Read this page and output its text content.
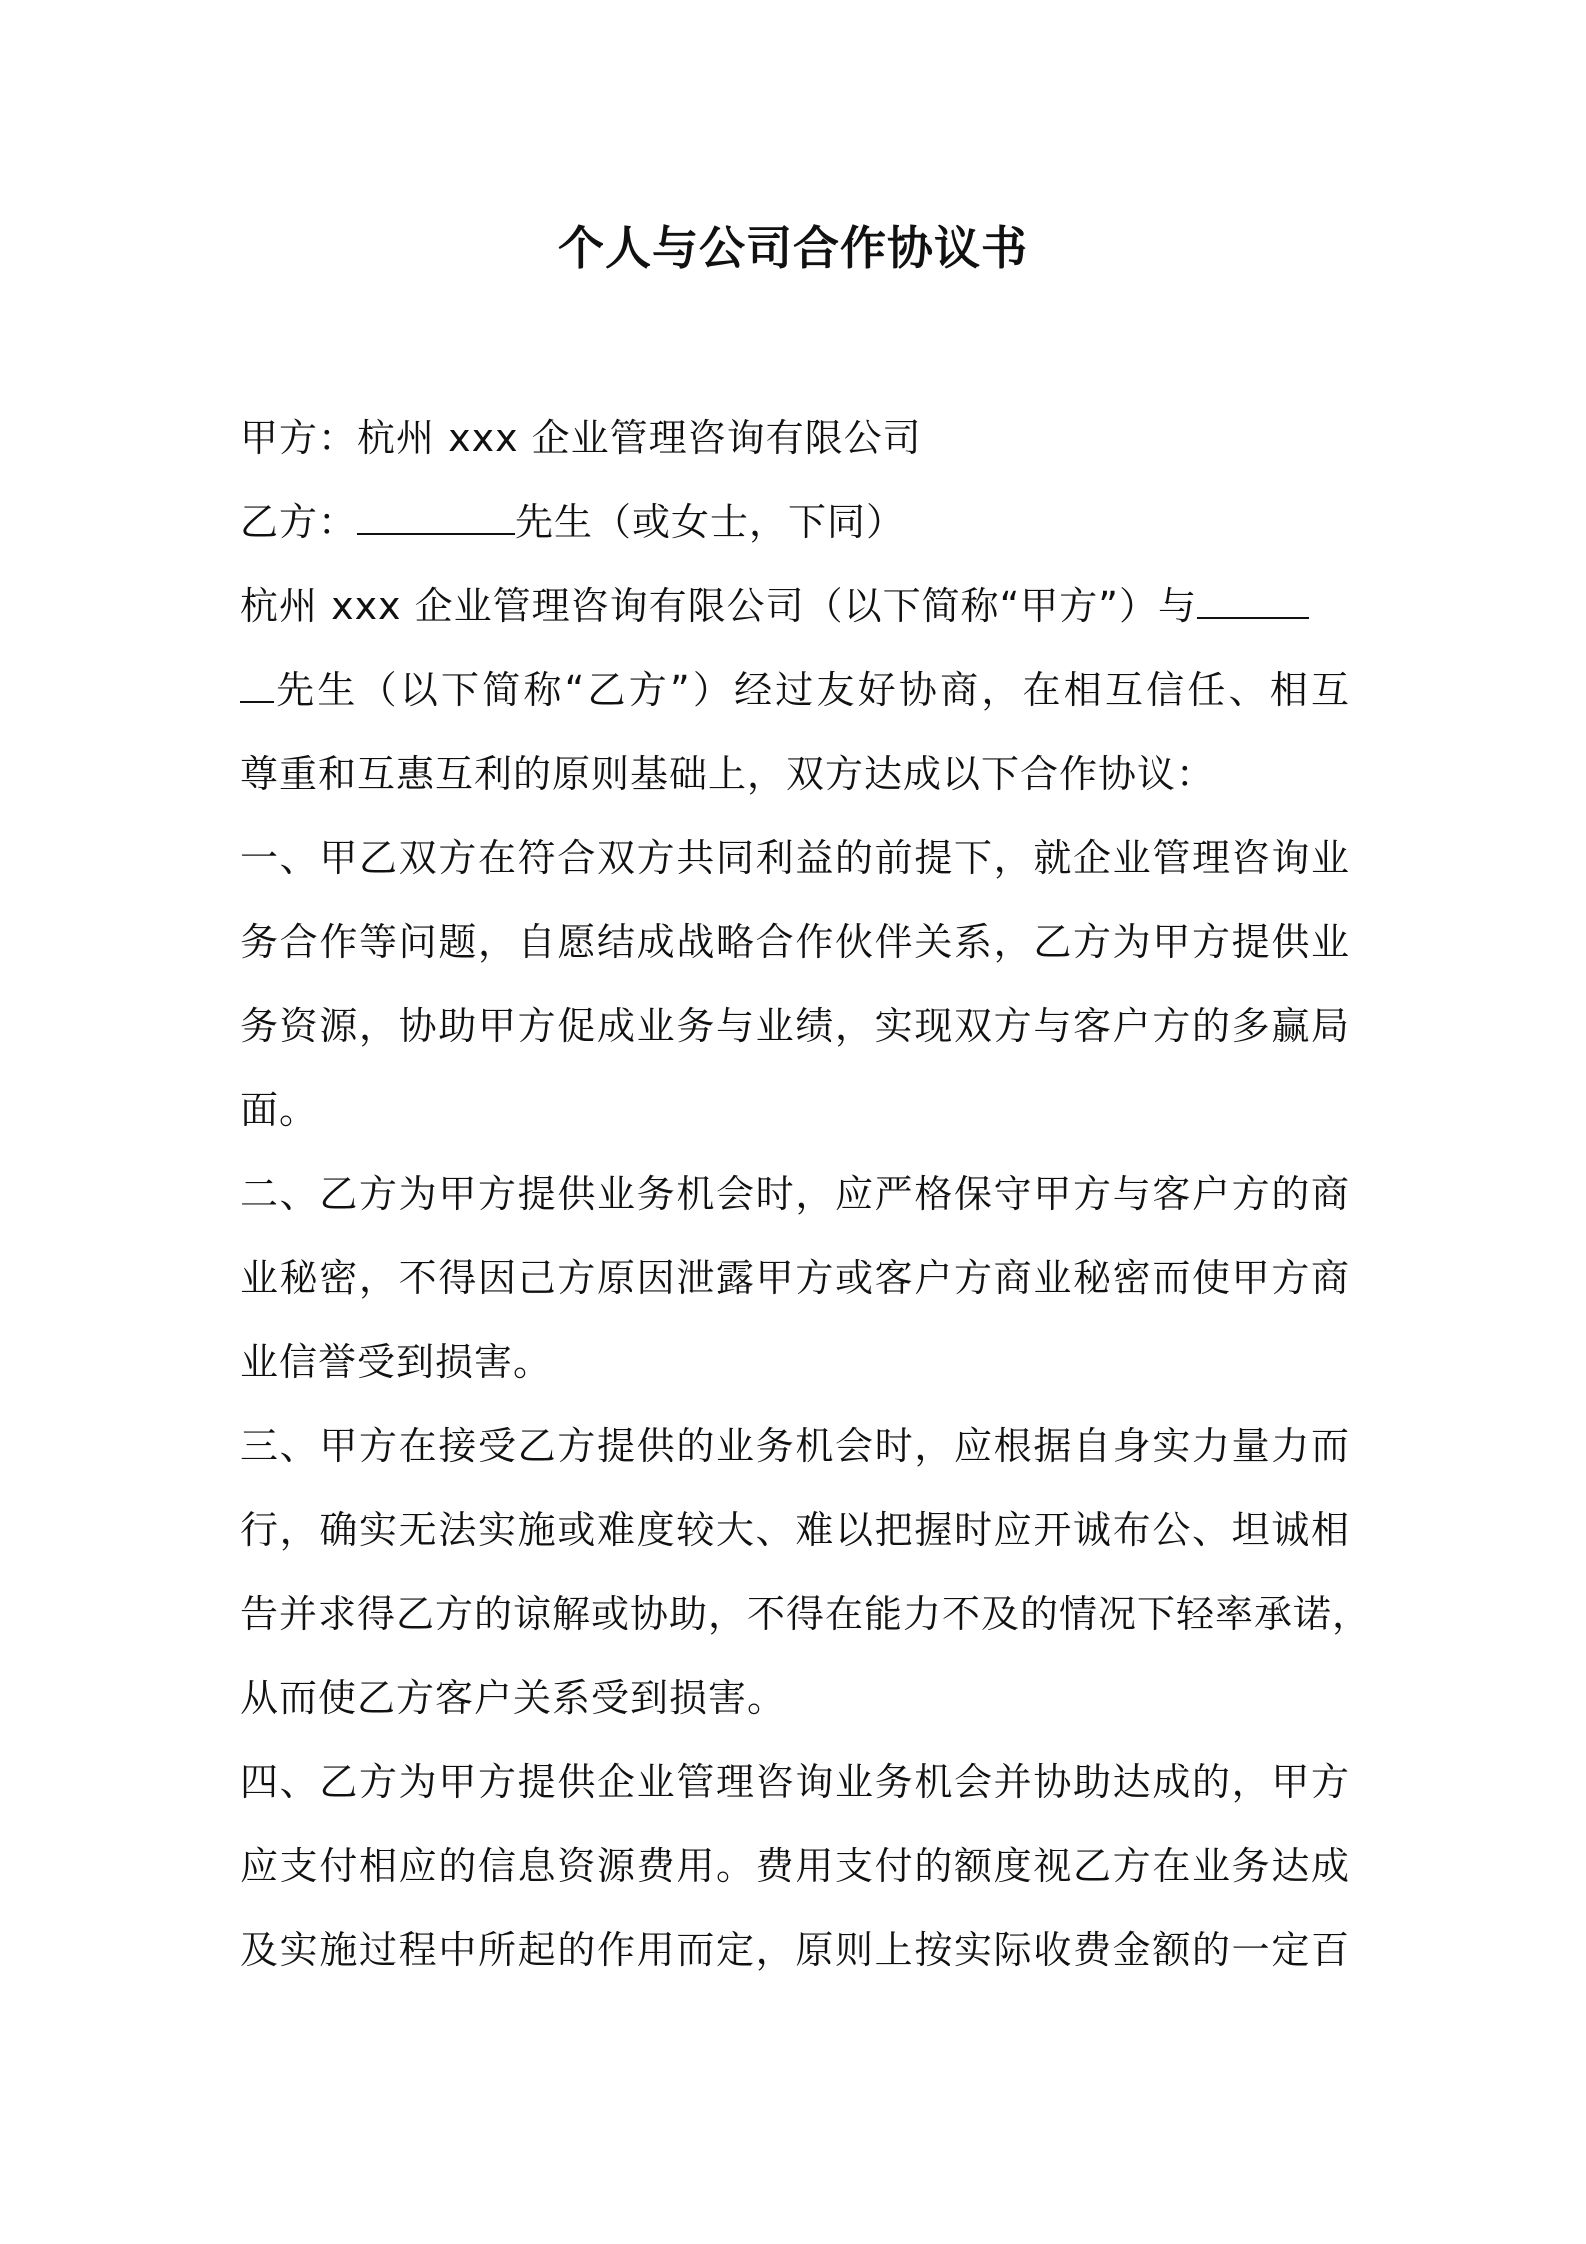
个人与公司合作协议书
甲方：杭州 xxx 企业管理咨询有限公司
乙方：	先生（或女士，下同）
杭州 xxx 企业管理咨询有限公司（以下简称“甲方”）与
先生（以下简称“乙方”）经过友好协商，在相互信任、相互
尊重和互惠互利的原则基础上，双方达成以下合作协议：
一、甲乙双方在符合双方共同利益的前提下，就企业管理咨询业
务合作等问题，自愿结成战略合作伙伴关系，乙方为甲方提供业
务资源，协助甲方促成业务与业绩，实现双方与客户方的多赢局
面。
二、乙方为甲方提供业务机会时，应严格保守甲方与客户方的商
业秘密，不得因己方原因泄露甲方或客户方商业秘密而使甲方商
业信誉受到损害。
三、甲方在接受乙方提供的业务机会时，应根据自身实力量力而
行，确实无法实施或难度较大、难以把握时应开诚布公、坦诚相
告并求得乙方的谅解或协助，不得在能力不及的情况下轻率承诺，
从而使乙方客户关系受到损害。
四、乙方为甲方提供企业管理咨询业务机会并协助达成的，甲方
应支付相应的信息资源费用。费用支付的额度视乙方在业务达成
及实施过程中所起的作用而定，原则上按实际收费金额的一定百
